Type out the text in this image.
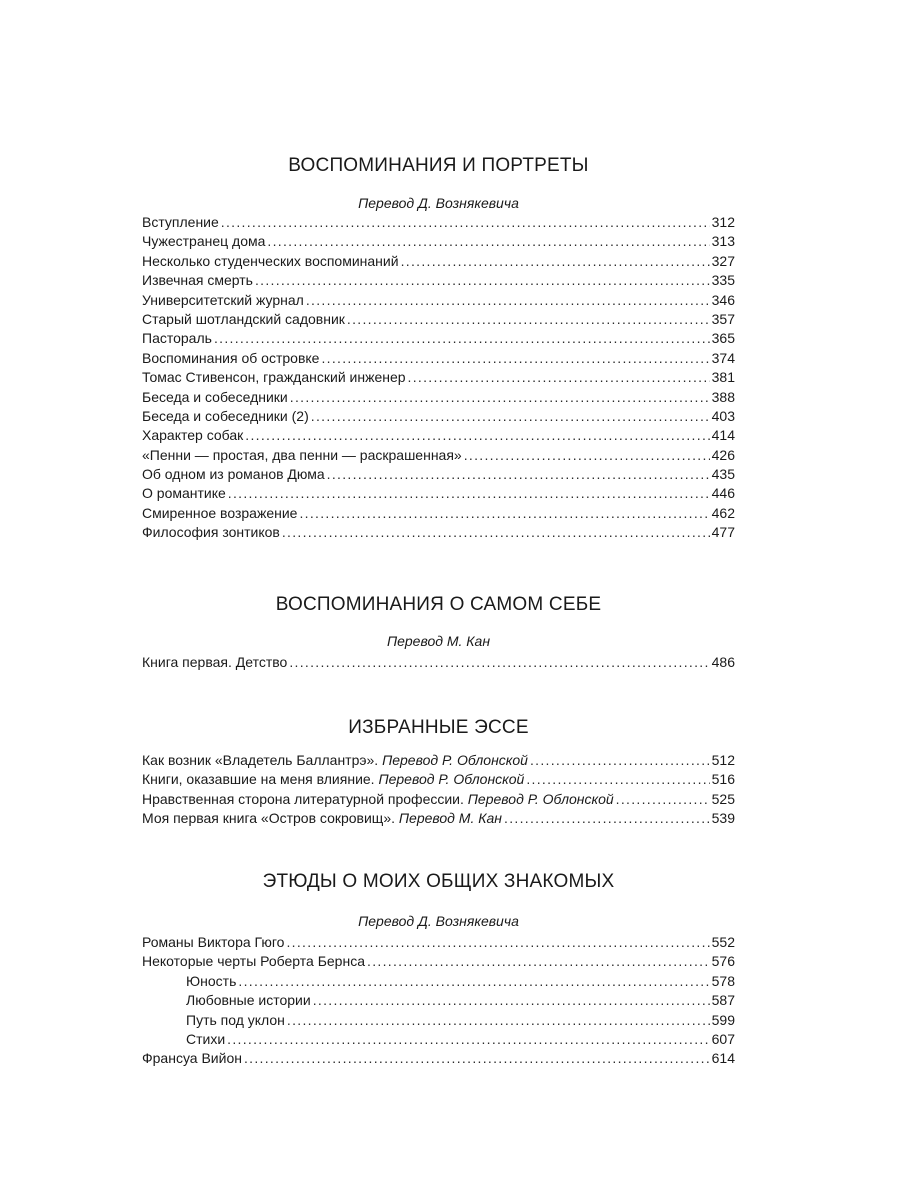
ВОСПОМИНАНИЯ И ПОРТРЕТЫ
Перевод Д. Вознякевича
Вступление .....	312
Чужестранец дома .....	313
Несколько студенческих воспоминаний .....	327
Извечная смерть .....	335
Университетский журнал .....	346
Старый шотландский садовник .....	357
Пастораль .....	365
Воспоминания об островке .....	374
Томас Стивенсон, гражданский инженер .....	381
Беседа и собеседники .....	388
Беседа и собеседники (2) .....	403
Характер собак .....	414
«Пенни — простая, два пенни — раскрашенная» .....	426
Об одном из романов Дюма .....	435
О романтике .....	446
Смиренное возражение .....	462
Философия зонтиков .....	477
ВОСПОМИНАНИЯ О САМОМ СЕБЕ
Перевод М. Кан
Книга первая. Детство .....	486
ИЗБРАННЫЕ ЭССЕ
Как возник «Владетель Баллантрэ». Перевод Р. Облонской .....	512
Книги, оказавшие на меня влияние. Перевод Р. Облонской .....	516
Нравственная сторона литературной профессии. Перевод Р. Облонской .....	525
Моя первая книга «Остров сокровищ». Перевод М. Кан .....	539
ЭТЮДЫ О МОИХ ОБЩИХ ЗНАКОМЫХ
Перевод Д. Вознякевича
Романы Виктора Гюго .....	552
Некоторые черты Роберта Бернса .....	576
Юность .....	578
Любовные истории .....	587
Путь под уклон .....	599
Стихи .....	607
Франсуа Вийон .....	614
